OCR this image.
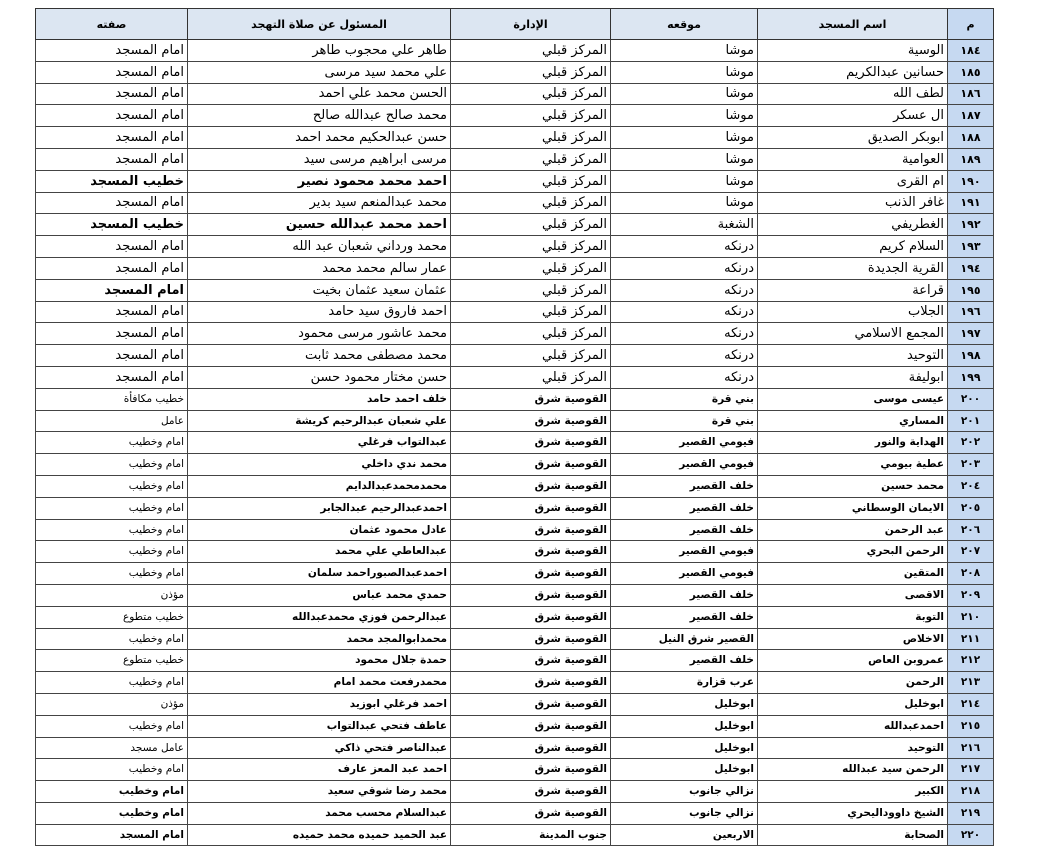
م	اسم المسجد	موقعه	الإدارة	المسئول عن صلاة التهجد	صفته
١٨٤	الوسية	موشا	المركز قبلي	طاهر علي محجوب طاهر	امام المسجد
١٨٥	حسانين عبدالكريم	موشا	المركز قبلي	علي محمد سيد مرسى	امام المسجد
١٨٦	لطف الله	موشا	المركز قبلي	الحسن محمد علي احمد	امام المسجد
١٨٧	ال عسكر	موشا	المركز قبلي	محمد صالح عبدالله صالح	امام المسجد
١٨٨	ابوبكر الصديق	موشا	المركز قبلي	حسن عبدالحكيم محمد احمد	امام المسجد
١٨٩	العوامية	موشا	المركز قبلي	مرسى ابراهيم مرسى سيد	امام المسجد
١٩٠	ام القرى	موشا	المركز قبلي	احمد محمد محمود نصير	خطيب المسجد
١٩١	غافر الذنب	موشا	المركز قبلي	محمد عبدالمنعم سيد بدير	امام المسجد
١٩٢	الغطريفي	الشغبة	المركز قبلي	احمد محمد عبدالله حسين	خطيب المسجد
١٩٣	السلام كريم	درنكه	المركز قبلي	محمد ورداني شعبان عبد الله	امام المسجد
١٩٤	القرية الجديدة	درنكه	المركز قبلي	عمار سالم محمد محمد	امام المسجد
١٩٥	قراعة	درنكه	المركز قبلي	عثمان سعيد عثمان بخيت	امام المسجد
١٩٦	الجلاب	درنكه	المركز قبلي	احمد فاروق سيد حامد	امام المسجد
١٩٧	المجمع الاسلامي	درنكه	المركز قبلي	محمد عاشور مرسى محمود	امام المسجد
١٩٨	التوحيد	درنكه	المركز قبلي	محمد مصطفى محمد ثابت	امام المسجد
١٩٩	ابوليفة	درنكه	المركز قبلي	حسن مختار محمود حسن	امام المسجد
٢٠٠	عيسى موسى	بني قرة	القوصية شرق	خلف احمد حامد	خطيب مكافأة
٢٠١	المساري	بني قرة	القوصية شرق	علي شعبان عبدالرحيم كريشة	عامل
٢٠٢	الهداية والنور	فيومي القصير	القوصية شرق	عبدالتواب فرغلي	امام وخطيب
٢٠٣	عطية بيومي	فيومي القصير	القوصية شرق	محمد ندي داخلي	امام وخطيب
٢٠٤	محمد حسين	خلف القصير	القوصية شرق	محمدمحمدعبدالدايم	امام وخطيب
٢٠٥	الايمان الوسطاني	خلف القصير	القوصية شرق	احمدعبدالرحيم عبدالجابر	امام وخطيب
٢٠٦	عبد الرحمن	خلف القصير	القوصية شرق	عادل محمود عثمان	امام وخطيب
٢٠٧	الرحمن البحري	فيومي القصير	القوصية شرق	عبدالعاطي علي محمد	امام وخطيب
٢٠٨	المتقين	فيومي القصير	القوصية شرق	احمدعبدالصبوراحمد سلمان	امام وخطيب
٢٠٩	الاقصى	خلف القصير	القوصية شرق	حمدي محمد عباس	مؤذن
٢١٠	التوبة	خلف القصير	القوصية شرق	عبدالرحمن فوزي محمدعبدالله	خطيب متطوع
٢١١	الاخلاص	القصير شرق النيل	القوصية شرق	محمدابوالمجد محمد	امام وخطيب
٢١٢	عمروبن العاص	خلف القصير	القوصية شرق	حمدة جلال محمود	خطيب متطوع
٢١٣	الرحمن	عرب قزارة	القوصية شرق	محمدرفعت محمد امام	امام وخطيب
٢١٤	ابوخليل	ابوخليل	القوصية شرق	احمد فرغلي ابوزيد	مؤذن
٢١٥	احمدعبدالله	ابوخليل	القوصية شرق	عاطف فتحي عبدالتواب	امام وخطيب
٢١٦	التوحيد	ابوخليل	القوصية شرق	عبدالناصر فتحي ذاكي	عامل مسجد
٢١٧	الرحمن سيد عبدالله	ابوخليل	القوصية شرق	احمد عبد المعز عارف	امام وخطيب
٢١٨	الكبير	نزالي جانوب	القوصية شرق	محمد رضا شوقي سعيد	امام وخطيب
٢١٩	الشيخ داووداليحري	نزالي جانوب	القوصية شرق	عبدالسلام محسب محمد	امام وخطيب
٢٢٠	الصحابة	الاربعين	جنوب المدينة	عبد الحميد حميده محمد حميده	امام المسجد
